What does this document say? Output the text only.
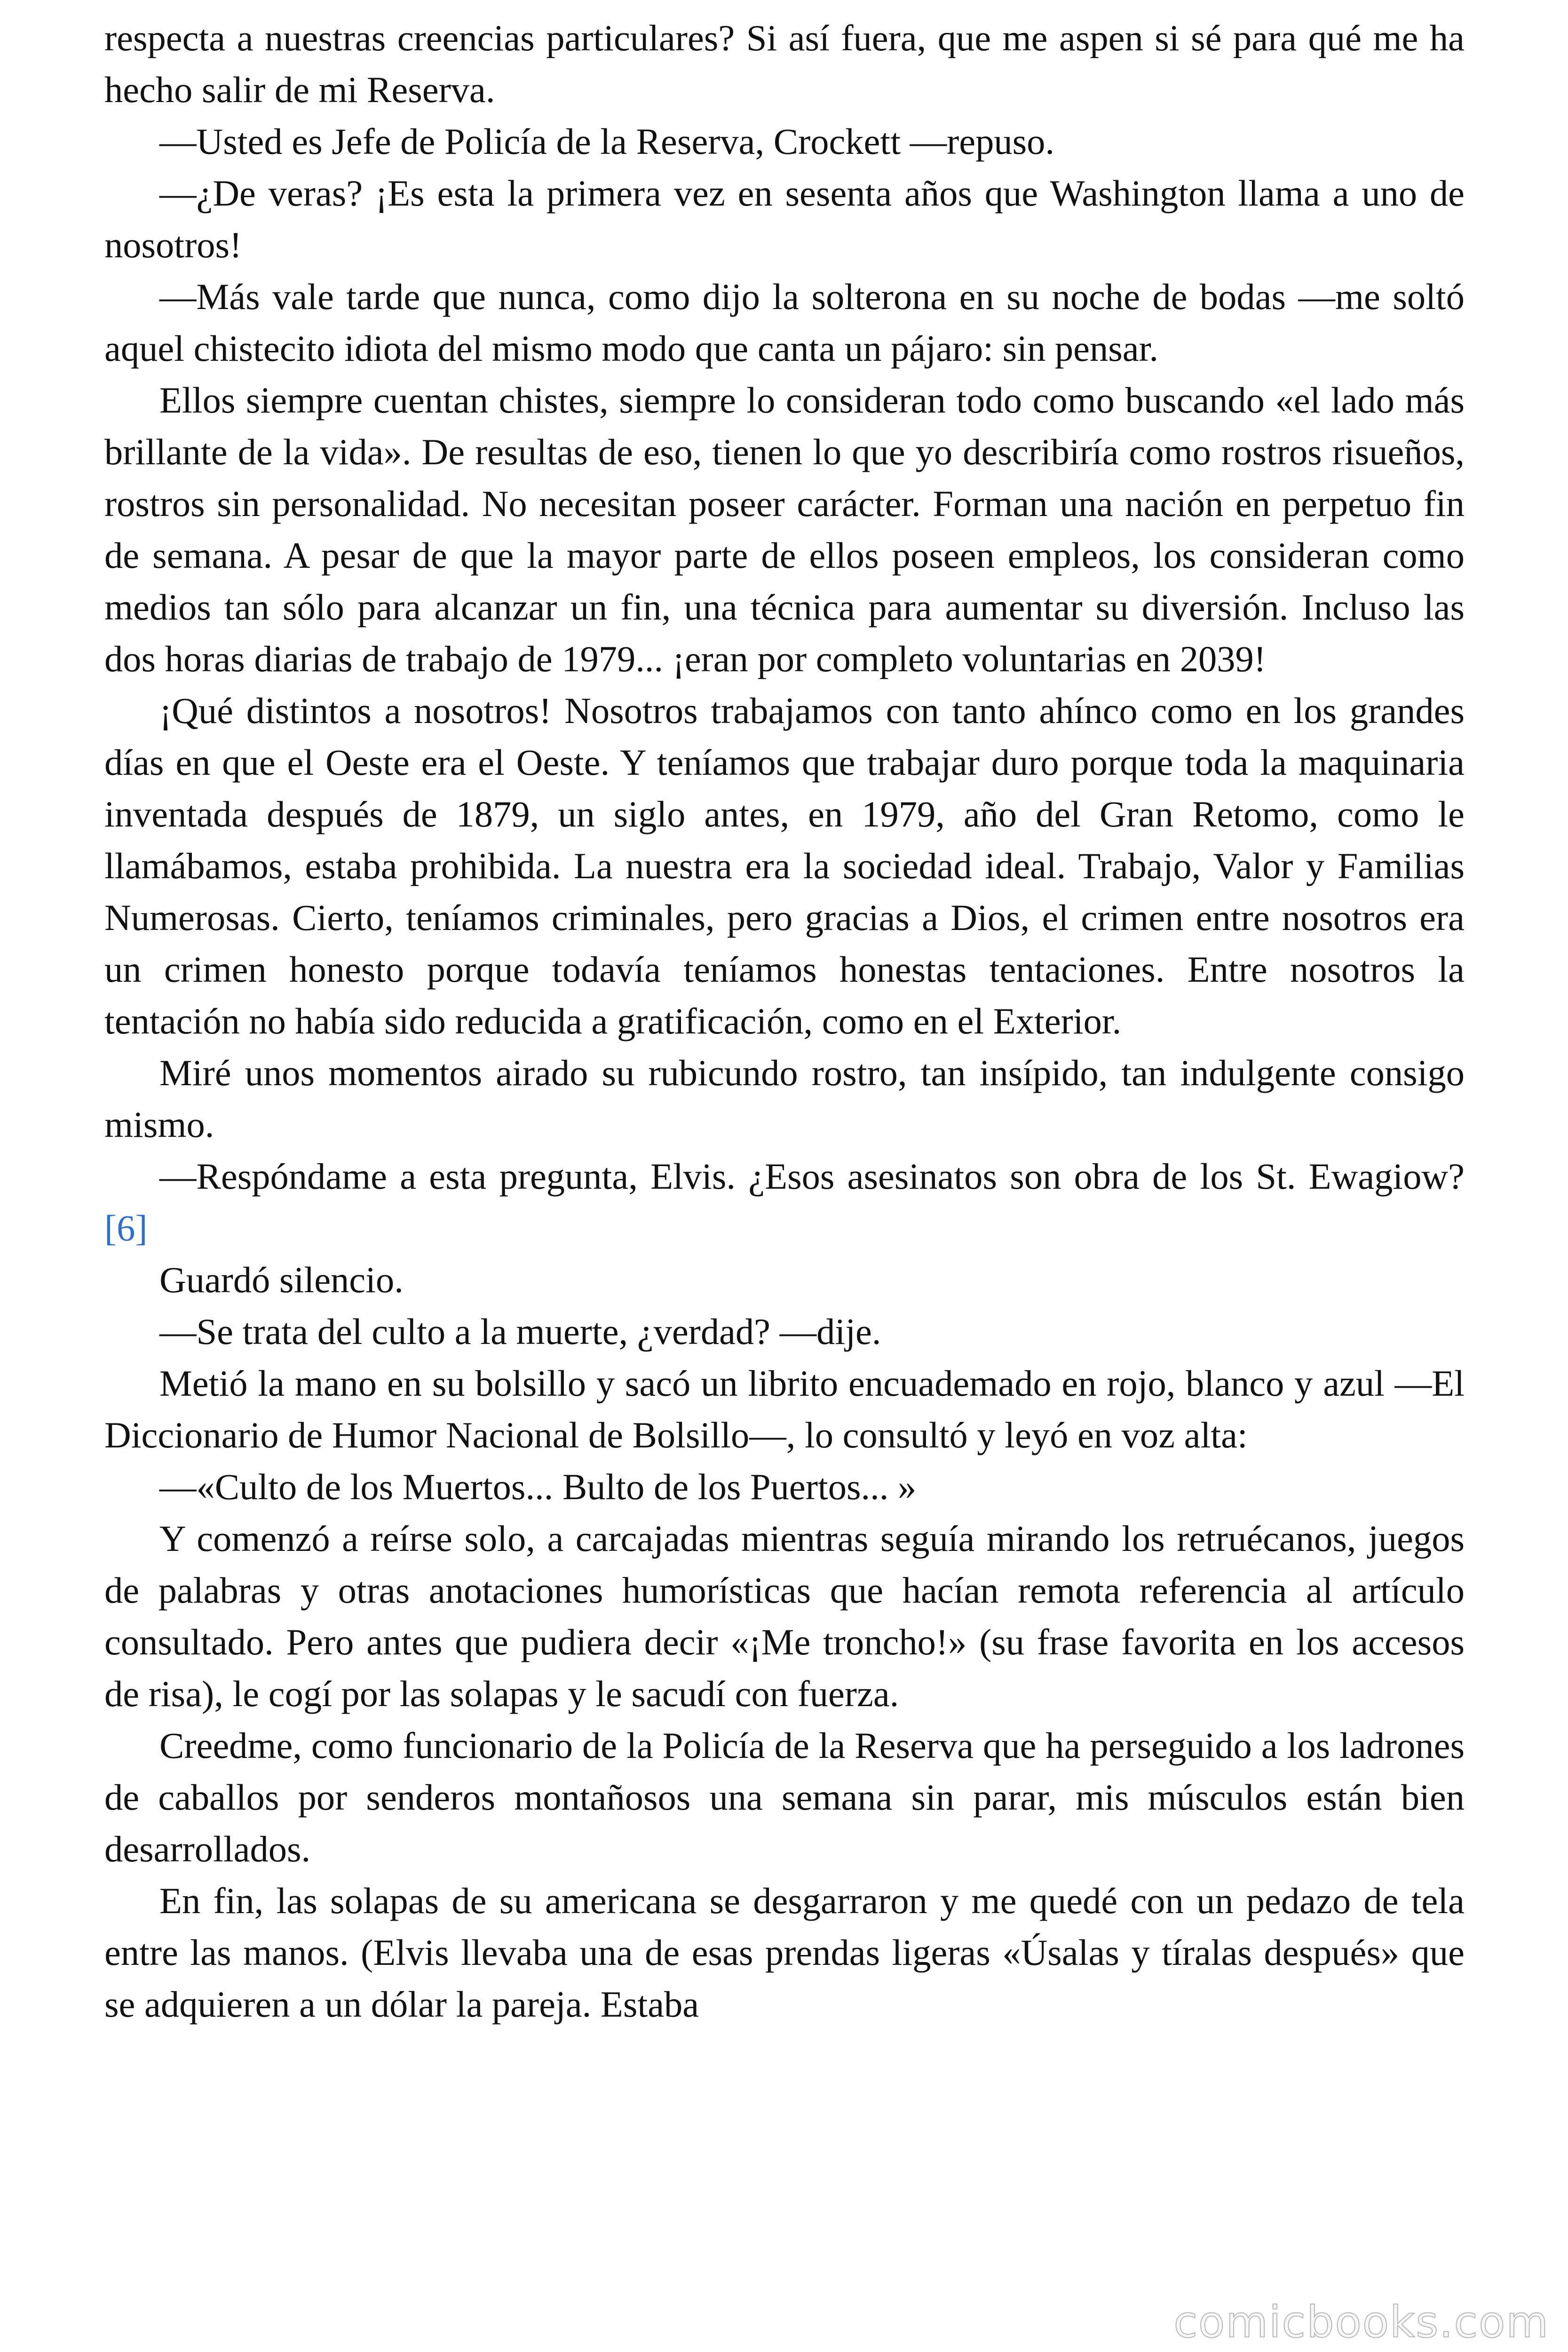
respecta a nuestras creencias particulares? Si así fuera, que me aspen si sé para qué me ha hecho salir de mi Reserva.

—Usted es Jefe de Policía de la Reserva, Crockett —repuso.

—¿De veras? ¡Es esta la primera vez en sesenta años que Washington llama a uno de nosotros!

—Más vale tarde que nunca, como dijo la solterona en su noche de bodas —me soltó aquel chistecito idiota del mismo modo que canta un pájaro: sin pensar.

Ellos siempre cuentan chistes, siempre lo consideran todo como buscando «el lado más brillante de la vida». De resultas de eso, tienen lo que yo describiría como rostros risueños, rostros sin personalidad. No necesitan poseer carácter. Forman una nación en perpetuo fin de semana. A pesar de que la mayor parte de ellos poseen empleos, los consideran como medios tan sólo para alcanzar un fin, una técnica para aumentar su diversión. Incluso las dos horas diarias de trabajo de 1979... ¡eran por completo voluntarias en 2039!

¡Qué distintos a nosotros! Nosotros trabajamos con tanto ahínco como en los grandes días en que el Oeste era el Oeste. Y teníamos que trabajar duro porque toda la maquinaria inventada después de 1879, un siglo antes, en 1979, año del Gran Retomo, como le llamábamos, estaba prohibida. La nuestra era la sociedad ideal. Trabajo, Valor y Familias Numerosas. Cierto, teníamos criminales, pero gracias a Dios, el crimen entre nosotros era un crimen honesto porque todavía teníamos honestas tentaciones. Entre nosotros la tentación no había sido reducida a gratificación, como en el Exterior.

Miré unos momentos airado su rubicundo rostro, tan insípido, tan indulgente consigo mismo.

—Respóndame a esta pregunta, Elvis. ¿Esos asesinatos son obra de los St. Ewagiow?[6]

Guardó silencio.

—Se trata del culto a la muerte, ¿verdad? —dije.

Metió la mano en su bolsillo y sacó un librito encuademado en rojo, blanco y azul —El Diccionario de Humor Nacional de Bolsillo—, lo consultó y leyó en voz alta:

—«Culto de los Muertos... Bulto de los Puertos... »

Y comenzó a reírse solo, a carcajadas mientras seguía mirando los retruécanos, juegos de palabras y otras anotaciones humorísticas que hacían remota referencia al artículo consultado. Pero antes que pudiera decir «¡Me troncho!» (su frase favorita en los accesos de risa), le cogí por las solapas y le sacudí con fuerza.

Creedme, como funcionario de la Policía de la Reserva que ha perseguido a los ladrones de caballos por senderos montañosos una semana sin parar, mis músculos están bien desarrollados.

En fin, las solapas de su americana se desgarraron y me quedé con un pedazo de tela entre las manos. (Elvis llevaba una de esas prendas ligeras «Úsalas y tíralas después» que se adquieren a un dólar la pareja. Estaba

comicbooks.com
